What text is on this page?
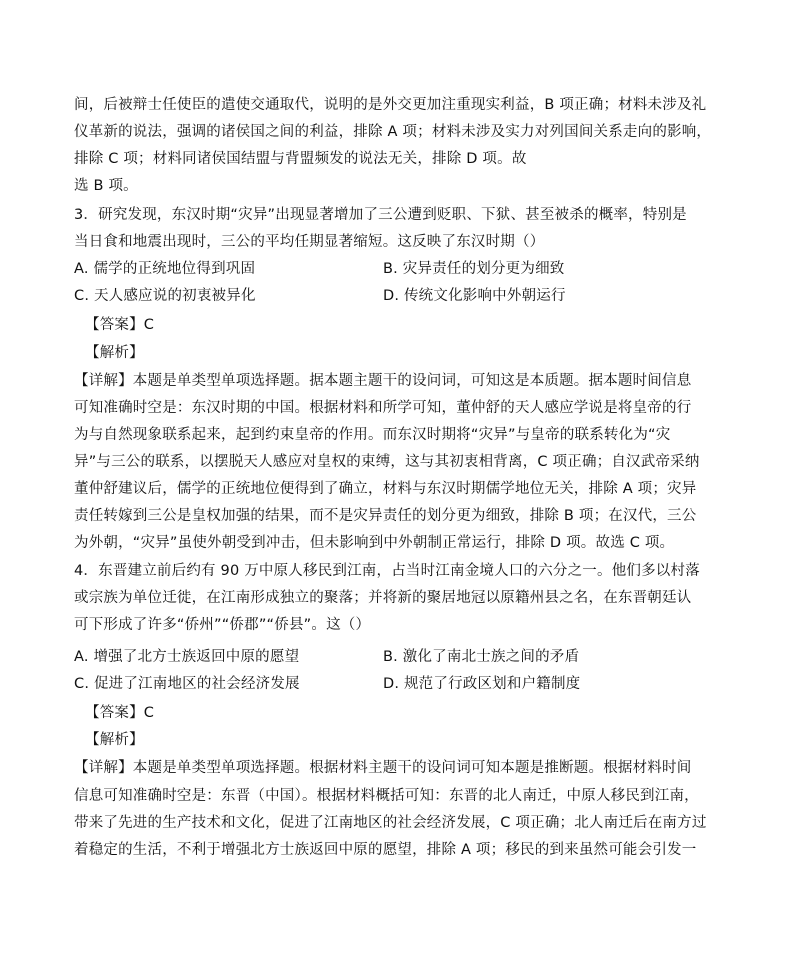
间，后被辩士任使臣的遣使交通取代，说明的是外交更加注重现实利益，B 项正确；材料未涉及礼
仪革新的说法，强调的诸侯国之间的利益，排除 A 项；材料未涉及实力对列国间关系走向的影响，
排除 C 项；材料同诸侯国结盟与背盟频发的说法无关，排除 D 项。故
选 B 项。
3．研究发现，东汉时期“灾异”出现显著增加了三公遭到贬职、下狱、甚至被杀的概率，特别是
当日食和地震出现时，三公的平均任期显著缩短。这反映了东汉时期（）
A. 儒学的正统地位得到巩固	B. 灾异责任的划分更为细致
C. 天人感应说的初衷被异化	D. 传统文化影响中外朝运行
【答案】C
【解析】
【详解】本题是单类型单项选择题。据本题主题干的设问词，可知这是本质题。据本题时间信息
可知准确时空是：东汉时期的中国。根据材料和所学可知，董仲舒的天人感应学说是将皇帝的行
为与自然现象联系起来，起到约束皇帝的作用。而东汉时期将“灾异”与皇帝的联系转化为“灾
异”与三公的联系，以摆脱天人感应对皇权的束缚，这与其初衷相背离，C 项正确；自汉武帝采纳
董仲舒建议后，儒学的正统地位便得到了确立，材料与东汉时期儒学地位无关，排除 A 项；灾异
责任转嫁到三公是皇权加强的结果，而不是灾异责任的划分更为细致，排除 B 项；在汉代，三公
为外朝，“灾异”虽使外朝受到冲击，但未影响到中外朝制正常运行，排除 D 项。故选 C 项。
4．东晋建立前后约有 90 万中原人移民到江南，占当时江南金境人口的六分之一。他们多以村落
或宗族为单位迁徙，在江南形成独立的聚落；并将新的聚居地冠以原籍州县之名，在东晋朝廷认
可下形成了许多“侨州”“侨郡”“侨县”。这（）
A. 增强了北方士族返回中原的愿望	B. 激化了南北士族之间的矛盾
C. 促进了江南地区的社会经济发展	D. 规范了行政区划和户籍制度
【答案】C
【解析】
【详解】本题是单类型单项选择题。根据材料主题干的设问词可知本题是推断题。根据材料时间
信息可知准确时空是：东晋（中国）。根据材料概括可知：东晋的北人南迁，中原人移民到江南，
带来了先进的生产技术和文化，促进了江南地区的社会经济发展，C 项正确；北人南迁后在南方过
着稳定的生活，不利于增强北方士族返回中原的愿望，排除 A 项；移民的到来虽然可能会引发一
